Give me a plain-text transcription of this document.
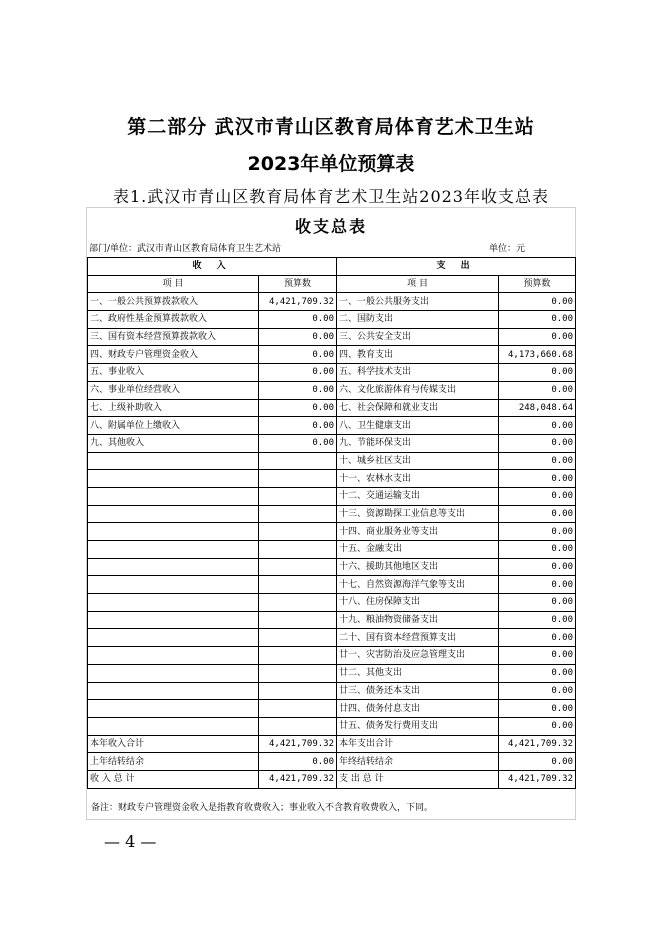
第二部分 武汉市青山区教育局体育艺术卫生站
2023年单位预算表
表1.武汉市青山区教育局体育艺术卫生站2023年收支总表
收支总表
部门/单位：武汉市青山区教育局体育卫生艺术站	单位：元
收 入		支 出	
项 目	预算数	项 目	预算数
一、一般公共预算拨款收入	4,421,709.32	一、一般公共服务支出	0.00
二、政府性基金预算拨款收入	0.00	二、国防支出	0.00
三、国有资本经营预算拨款收入	0.00	三、公共安全支出	0.00
四、财政专户管理资金收入	0.00	四、教育支出	4,173,660.68
五、事业收入	0.00	五、科学技术支出	0.00
六、事业单位经营收入	0.00	六、文化旅游体育与传媒支出	0.00
七、上级补助收入	0.00	七、社会保障和就业支出	248,048.64
八、附属单位上缴收入	0.00	八、卫生健康支出	0.00
九、其他收入	0.00	九、节能环保支出	0.00
		十、城乡社区支出	0.00
		十一、农林水支出	0.00
		十二、交通运输支出	0.00
		十三、资源勘探工业信息等支出	0.00
		十四、商业服务业等支出	0.00
		十五、金融支出	0.00
		十六、援助其他地区支出	0.00
		十七、自然资源海洋气象等支出	0.00
		十八、住房保障支出	0.00
		十九、粮油物资储备支出	0.00
		二十、国有资本经营预算支出	0.00
		廿一、灾害防治及应急管理支出	0.00
		廿二、其他支出	0.00
		廿三、债务还本支出	0.00
		廿四、债务付息支出	0.00
		廿五、债务发行费用支出	0.00
本年收入合计	4,421,709.32	本年支出合计	4,421,709.32
上年结转结余	0.00	年终结转结余	0.00
收 入 总 计	4,421,709.32	支 出 总 计	4,421,709.32
备注：财政专户管理资金收入是指教育收费收入；事业收入不含教育收费收入，下同。
— 4 —
